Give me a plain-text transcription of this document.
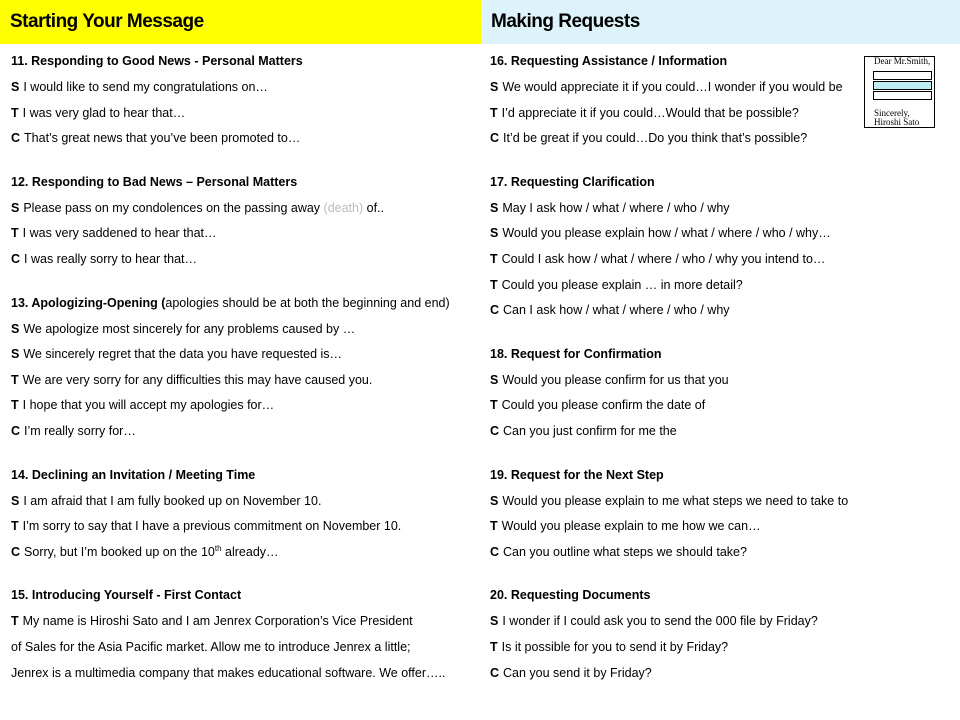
Starting Your Message	Making Requests
11. Responding to Good News - Personal Matters
S I would like to send my congratulations on…
T I was very glad to hear that…
C That’s great news that you’ve been promoted to…
12. Responding to Bad News – Personal Matters
S Please pass on my condolences on the passing away (death) of..
T I was very saddened to hear that…
C I was really sorry to hear that…
13. Apologizing-Opening (apologies should be at both the beginning and end)
S We apologize most sincerely for any problems caused by …
S We sincerely regret that the data you have requested is…
T We are very sorry for any difficulties this may have caused you.
T I hope that you will accept my apologies for…
C I’m really sorry for…
14. Declining an Invitation / Meeting Time
S I am afraid that I am fully booked up on November 10.
T I’m sorry to say that I have a previous commitment on November 10.
C Sorry, but I’m booked up on the 10th already…
15. Introducing Yourself - First Contact
T My name is Hiroshi Sato and I am Jenrex Corporation’s Vice President
of Sales for the Asia Pacific market. Allow me to introduce Jenrex a little;
Jenrex is a multimedia company that makes educational software. We offer…..
16. Requesting Assistance / Information
S We would appreciate it if you could…I wonder if you would be
T I’d appreciate it if you could…Would that be possible?
C It’d be great if you could…Do you think that’s possible?
17. Requesting Clarification
S May I ask how / what / where / who / why
S Would you please explain how / what / where / who / why…
T Could I ask how / what / where / who / why you intend to…
T Could you please explain … in more detail?
C Can I ask how / what / where / who / why
18. Request for Confirmation
S Would you please confirm for us that you
T Could you please confirm the date of
C Can you just confirm for me the
19. Request for the Next Step
S Would you please explain to me what steps we need to take to
T Would you please explain to me how we can…
C Can you outline what steps we should take?
20. Requesting Documents
S I wonder if I could ask you to send the 000 file by Friday?
T Is it possible for you to send it by Friday?
C Can you send it by Friday?
Dear Mr.Smith,
Sincerely, Hiroshi Sato
